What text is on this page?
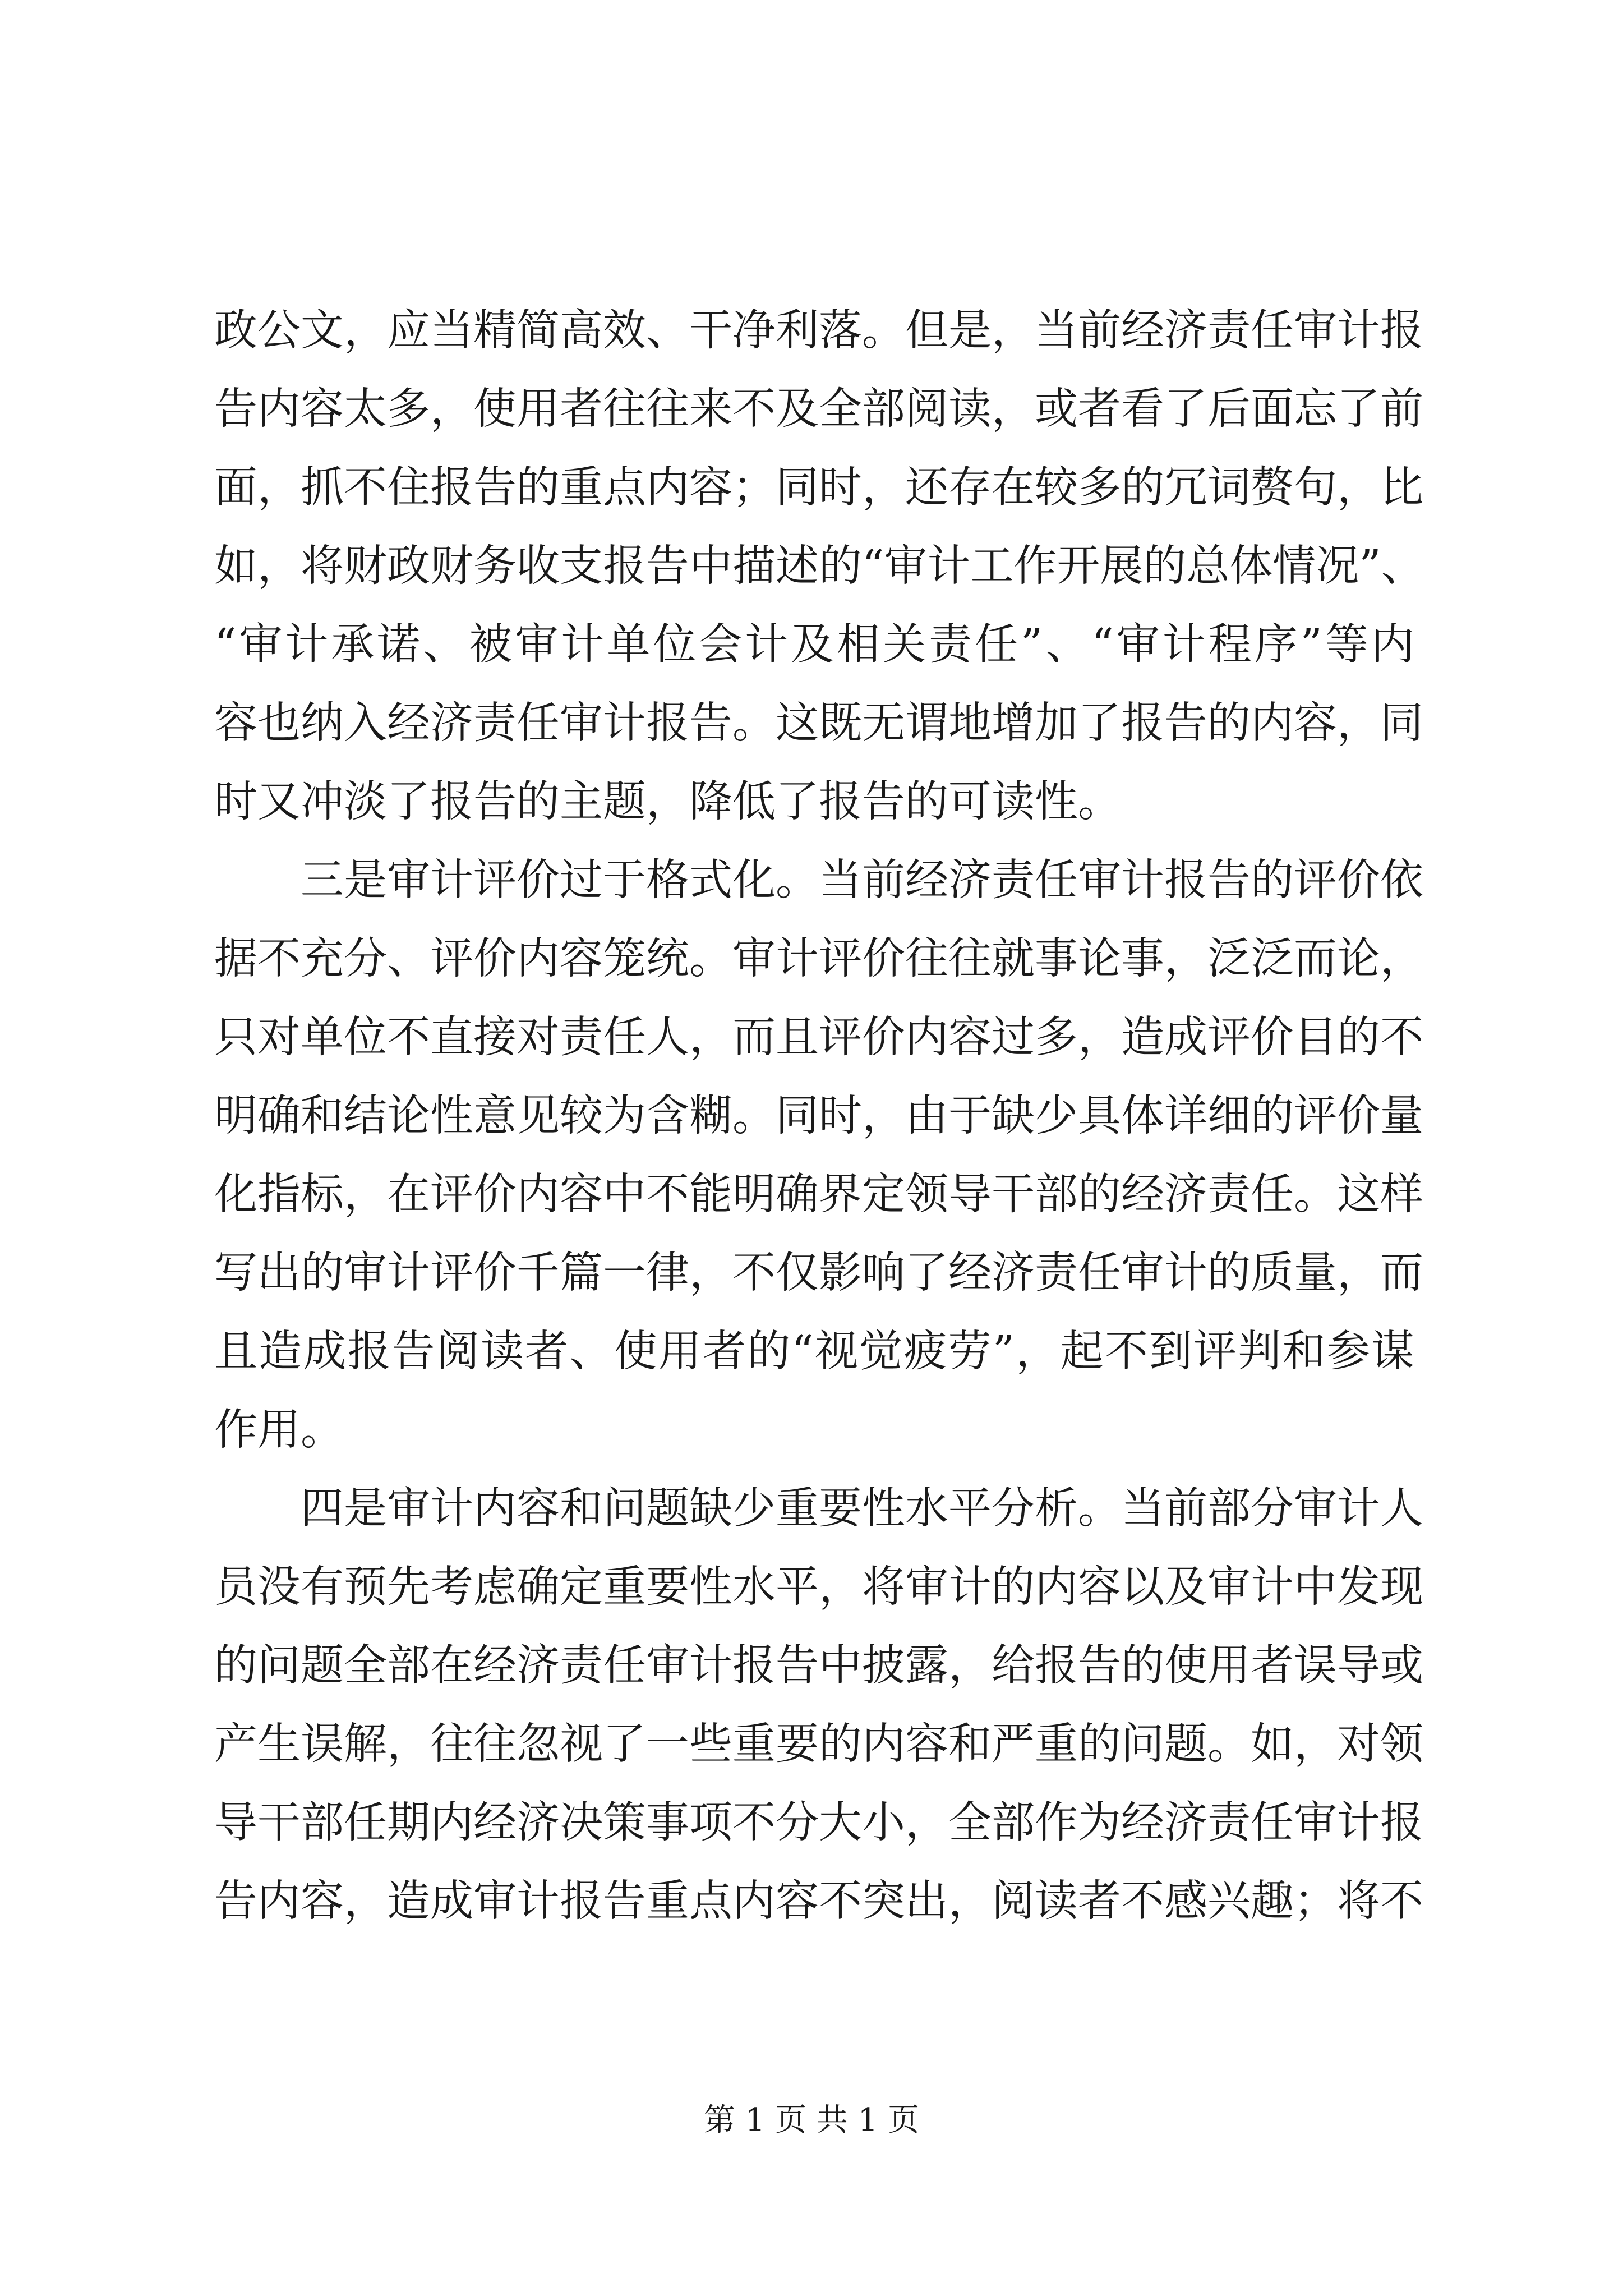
政公文，应当精简高效、干净利落。但是，当前经济责任审计报
告内容太多，使用者往往来不及全部阅读，或者看了后面忘了前
面，抓不住报告的重点内容；同时，还存在较多的冗词赘句，比
如，将财政财务收支报告中描述的“审计工作开展的总体情况”、
“审计承诺、被审计单位会计及相关责任”、“审计程序”等内
容也纳入经济责任审计报告。这既无谓地增加了报告的内容，同
时又冲淡了报告的主题，降低了报告的可读性。
三是审计评价过于格式化。当前经济责任审计报告的评价依
据不充分、评价内容笼统。审计评价往往就事论事，泛泛而论，
只对单位不直接对责任人，而且评价内容过多，造成评价目的不
明确和结论性意见较为含糊。同时，由于缺少具体详细的评价量
化指标，在评价内容中不能明确界定领导干部的经济责任。这样
写出的审计评价千篇一律，不仅影响了经济责任审计的质量，而
且造成报告阅读者、使用者的“视觉疲劳”，起不到评判和参谋
作用。
四是审计内容和问题缺少重要性水平分析。当前部分审计人
员没有预先考虑确定重要性水平，将审计的内容以及审计中发现
的问题全部在经济责任审计报告中披露，给报告的使用者误导或
产生误解，往往忽视了一些重要的内容和严重的问题。如，对领
导干部任期内经济决策事项不分大小，全部作为经济责任审计报
告内容，造成审计报告重点内容不突出，阅读者不感兴趣；将不
第 1 页 共 1 页
